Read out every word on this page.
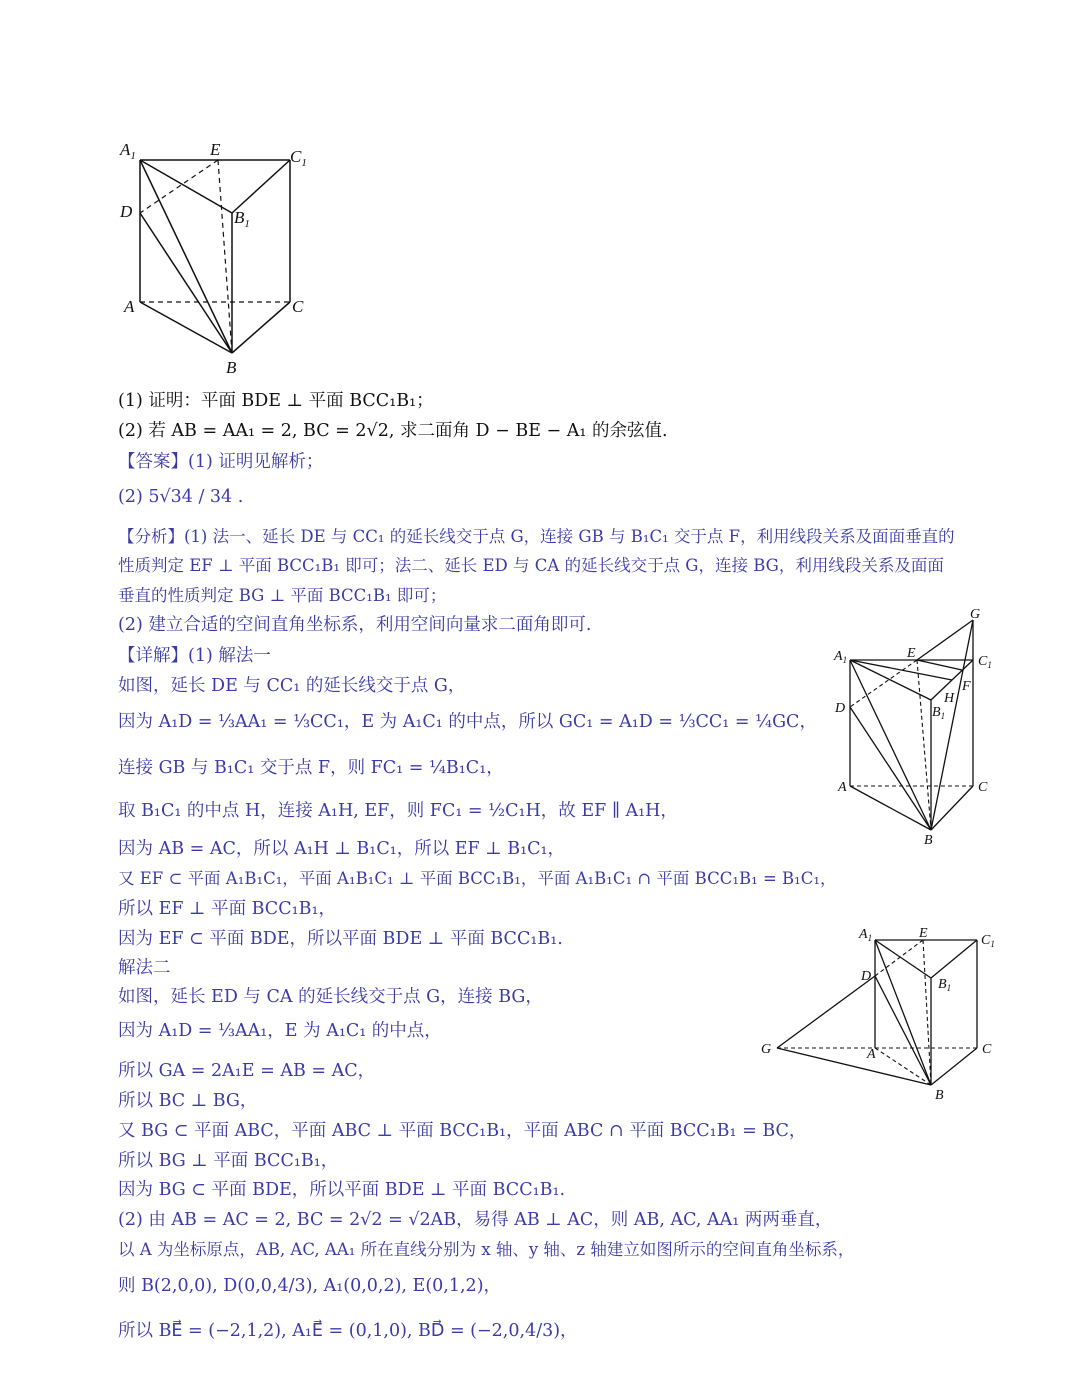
$A_1$	E	$C_1$
D	$B_1$
A	C
B
G
$A_1$	E
$C_1$
H
F
D	$B_1$
A	C
B
$A_1$	E	$C_1$
D
$B_1$
G	A	C
B
(1) 证明：平面 BDE ⊥ 平面 BCC₁B₁；
(2) 若 AB = AA₁ = 2, BC = 2√2, 求二面角 D − BE − A₁ 的余弦值.
【答案】(1) 证明见解析；
(2) 5√34 / 34 .
【分析】(1) 法一、延长 DE 与 CC₁ 的延长线交于点 G，连接 GB 与 B₁C₁ 交于点 F，利用线段关系及面面垂直的
性质判定 EF ⊥ 平面 BCC₁B₁ 即可；法二、延长 ED 与 CA 的延长线交于点 G，连接 BG，利用线段关系及面面
垂直的性质判定 BG ⊥ 平面 BCC₁B₁ 即可；
(2) 建立合适的空间直角坐标系，利用空间向量求二面角即可.
【详解】(1) 解法一
如图，延长 DE 与 CC₁ 的延长线交于点 G，
因为 A₁D = ⅓AA₁ = ⅓CC₁，E 为 A₁C₁ 的中点，所以 GC₁ = A₁D = ⅓CC₁ = ¼GC，
连接 GB 与 B₁C₁ 交于点 F，则 FC₁ = ¼B₁C₁，
取 B₁C₁ 的中点 H，连接 A₁H, EF，则 FC₁ = ½C₁H，故 EF ∥ A₁H，
因为 AB = AC，所以 A₁H ⊥ B₁C₁，所以 EF ⊥ B₁C₁，
又 EF ⊂ 平面 A₁B₁C₁，平面 A₁B₁C₁ ⊥ 平面 BCC₁B₁，平面 A₁B₁C₁ ∩ 平面 BCC₁B₁ = B₁C₁，
所以 EF ⊥ 平面 BCC₁B₁，
因为 EF ⊂ 平面 BDE，所以平面 BDE ⊥ 平面 BCC₁B₁.
解法二
如图，延长 ED 与 CA 的延长线交于点 G，连接 BG，
因为 A₁D = ⅓AA₁，E 为 A₁C₁ 的中点，
所以 GA = 2A₁E = AB = AC，
所以 BC ⊥ BG，
又 BG ⊂ 平面 ABC，平面 ABC ⊥ 平面 BCC₁B₁，平面 ABC ∩ 平面 BCC₁B₁ = BC，
所以 BG ⊥ 平面 BCC₁B₁，
因为 BG ⊂ 平面 BDE，所以平面 BDE ⊥ 平面 BCC₁B₁.
(2) 由 AB = AC = 2, BC = 2√2 = √2AB，易得 AB ⊥ AC，则 AB, AC, AA₁ 两两垂直，
以 A 为坐标原点，AB, AC, AA₁ 所在直线分别为 x 轴、y 轴、z 轴建立如图所示的空间直角坐标系，
则 B(2,0,0), D(0,0,4/3), A₁(0,0,2), E(0,1,2)，
所以 BE⃗ = (−2,1,2), A₁E⃗ = (0,1,0), BD⃗ = (−2,0,4/3)，
